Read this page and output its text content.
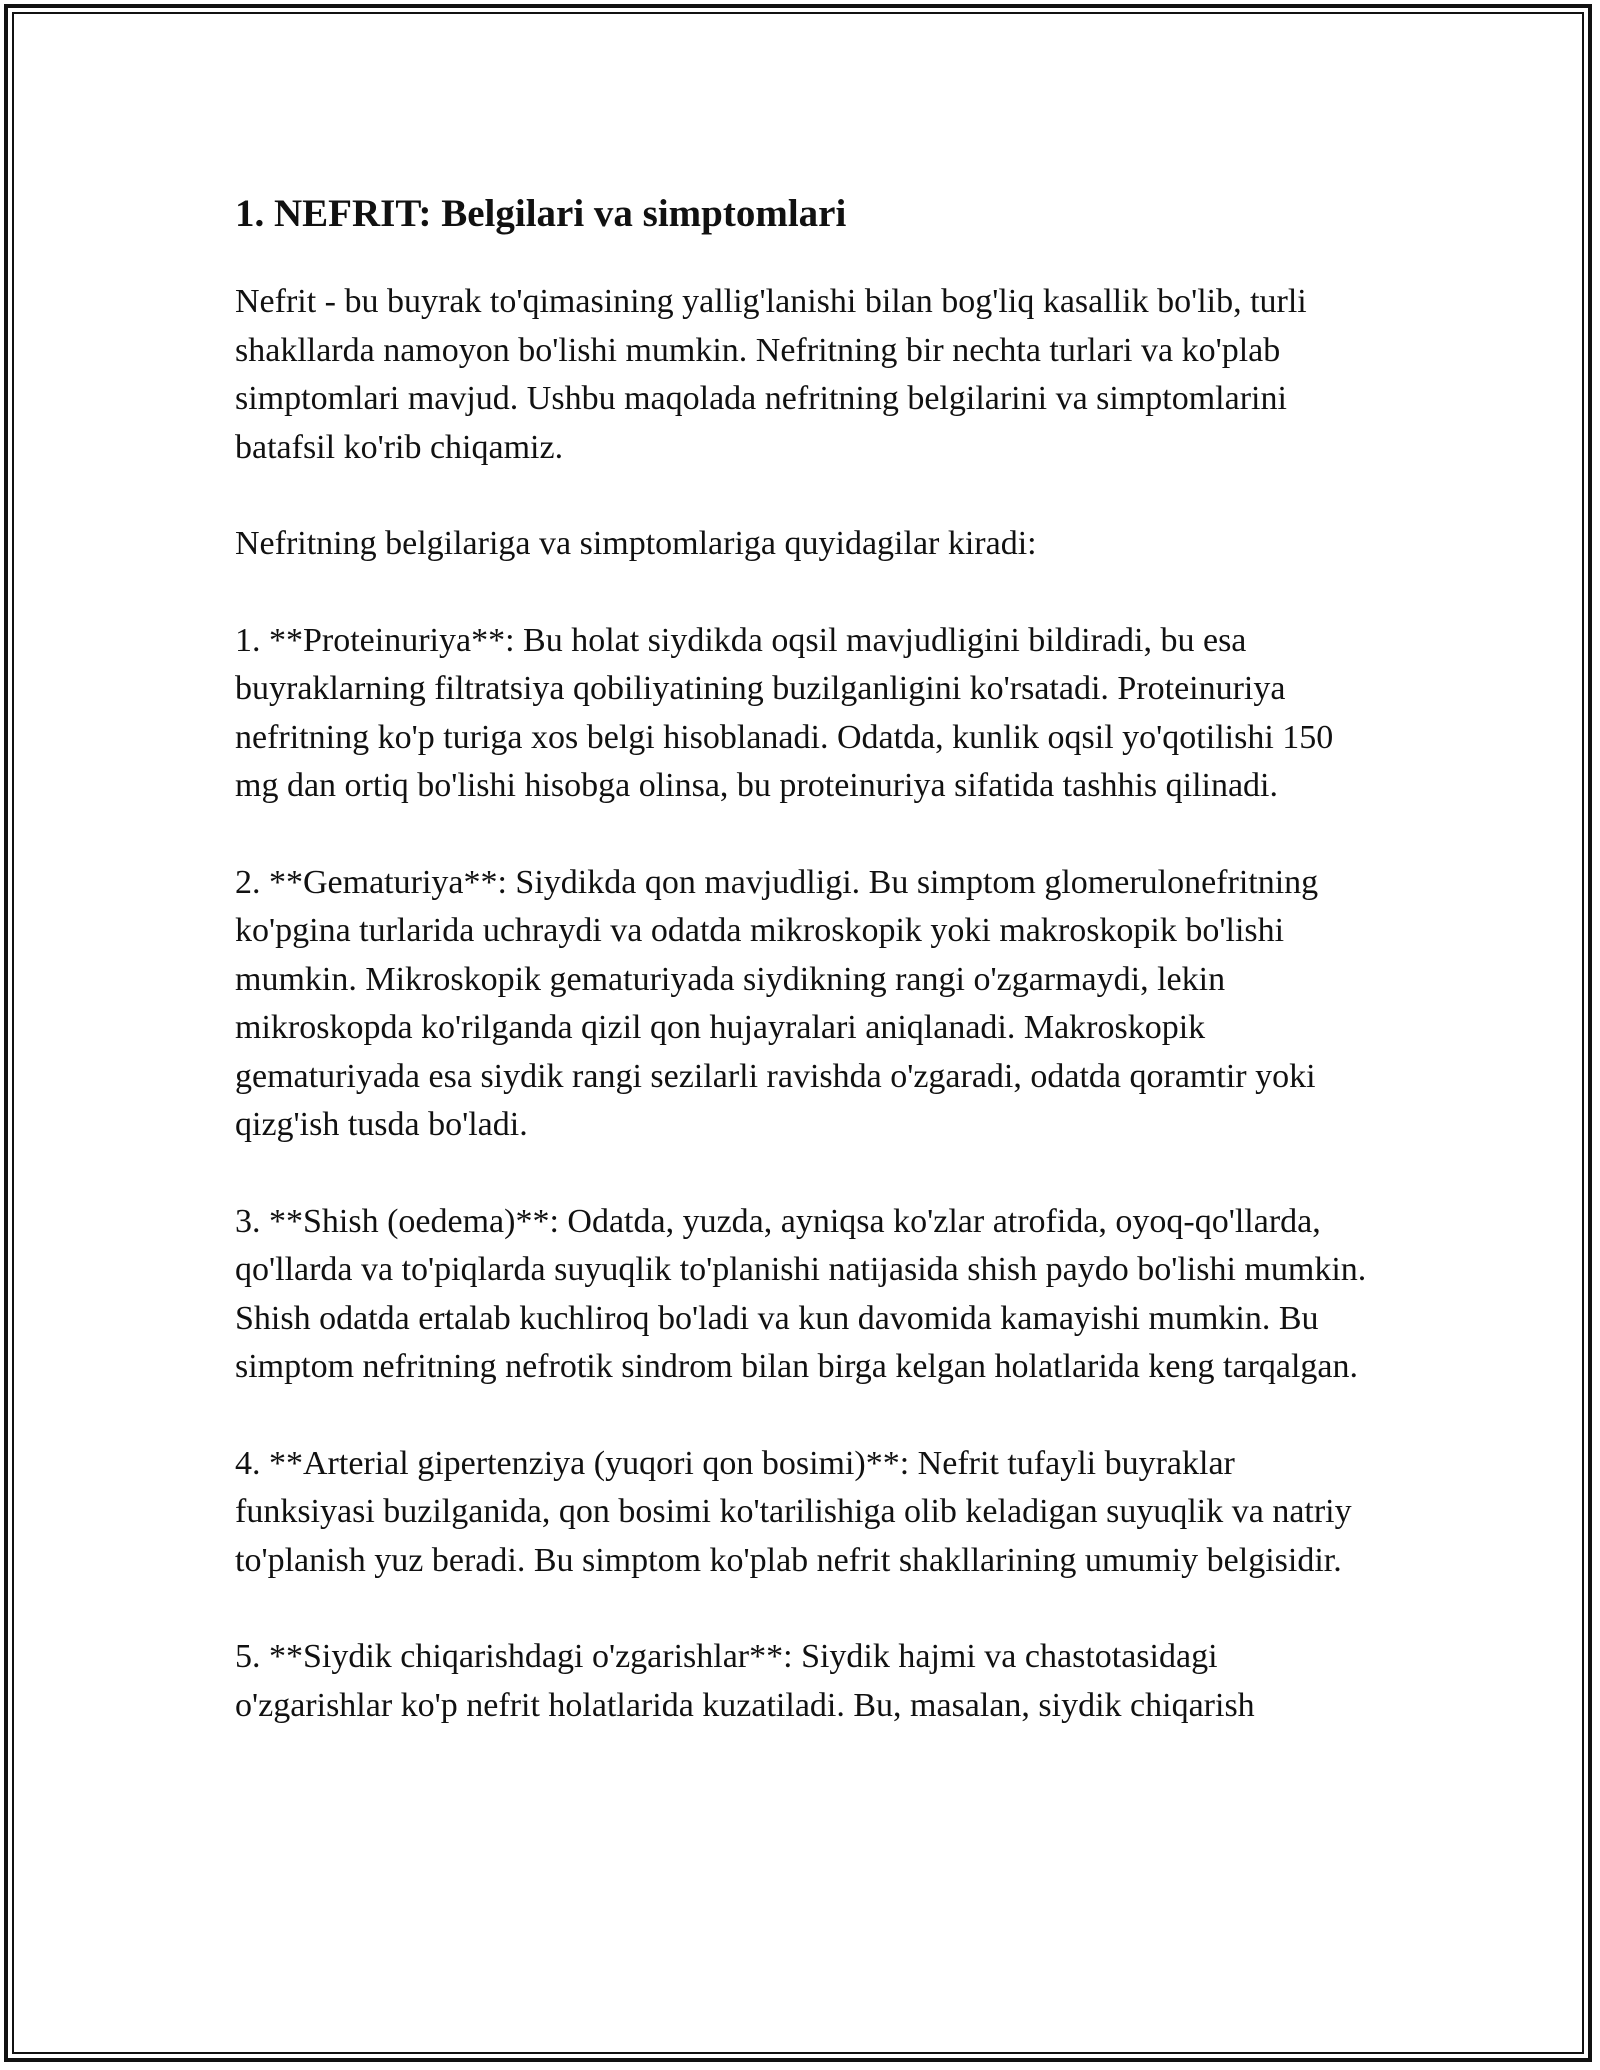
1. NEFRIT: Belgilari va simptomlari

Nefrit - bu buyrak to'qimasining yallig'lanishi bilan bog'liq kasallik bo'lib, turli shakllarda namoyon bo'lishi mumkin. Nefritning bir nechta turlari va ko'plab simptomlari mavjud. Ushbu maqolada nefritning belgilarini va simptomlarini batafsil ko'rib chiqamiz.

Nefritning belgilariga va simptomlariga quyidagilar kiradi:

1. **Proteinuriya**: Bu holat siydikda oqsil mavjudligini bildiradi, bu esa buyraklarning filtratsiya qobiliyatining buzilganligini ko'rsatadi. Proteinuriya nefritning ko'p turiga xos belgi hisoblanadi. Odatda, kunlik oqsil yo'qotilishi 150 mg dan ortiq bo'lishi hisobga olinsa, bu proteinuriya sifatida tashhis qilinadi.

2. **Gematuriya**: Siydikda qon mavjudligi. Bu simptom glomerulonefritning ko'pgina turlarida uchraydi va odatda mikroskopik yoki makroskopik bo'lishi mumkin. Mikroskopik gematuriyada siydikning rangi o'zgarmaydi, lekin mikroskopda ko'rilganda qizil qon hujayralari aniqlanadi. Makroskopik gematuriyada esa siydik rangi sezilarli ravishda o'zgaradi, odatda qoramtir yoki qizg'ish tusda bo'ladi.

3. **Shish (oedema)**: Odatda, yuzda, ayniqsa ko'zlar atrofida, oyoq-qo'llarda, qo'llarda va to'piqlarda suyuqlik to'planishi natijasida shish paydo bo'lishi mumkin. Shish odatda ertalab kuchliroq bo'ladi va kun davomida kamayishi mumkin. Bu simptom nefritning nefrotik sindrom bilan birga kelgan holatlarida keng tarqalgan.

4. **Arterial gipertenziya (yuqori qon bosimi)**: Nefrit tufayli buyraklar funksiyasi buzilganida, qon bosimi ko'tarilishiga olib keladigan suyuqlik va natriy to'planish yuz beradi. Bu simptom ko'plab nefrit shakllarining umumiy belgisidir.

5. **Siydik chiqarishdagi o'zgarishlar**: Siydik hajmi va chastotasidagi o'zgarishlar ko'p nefrit holatlarida kuzatiladi. Bu, masalan, siydik chiqarish
